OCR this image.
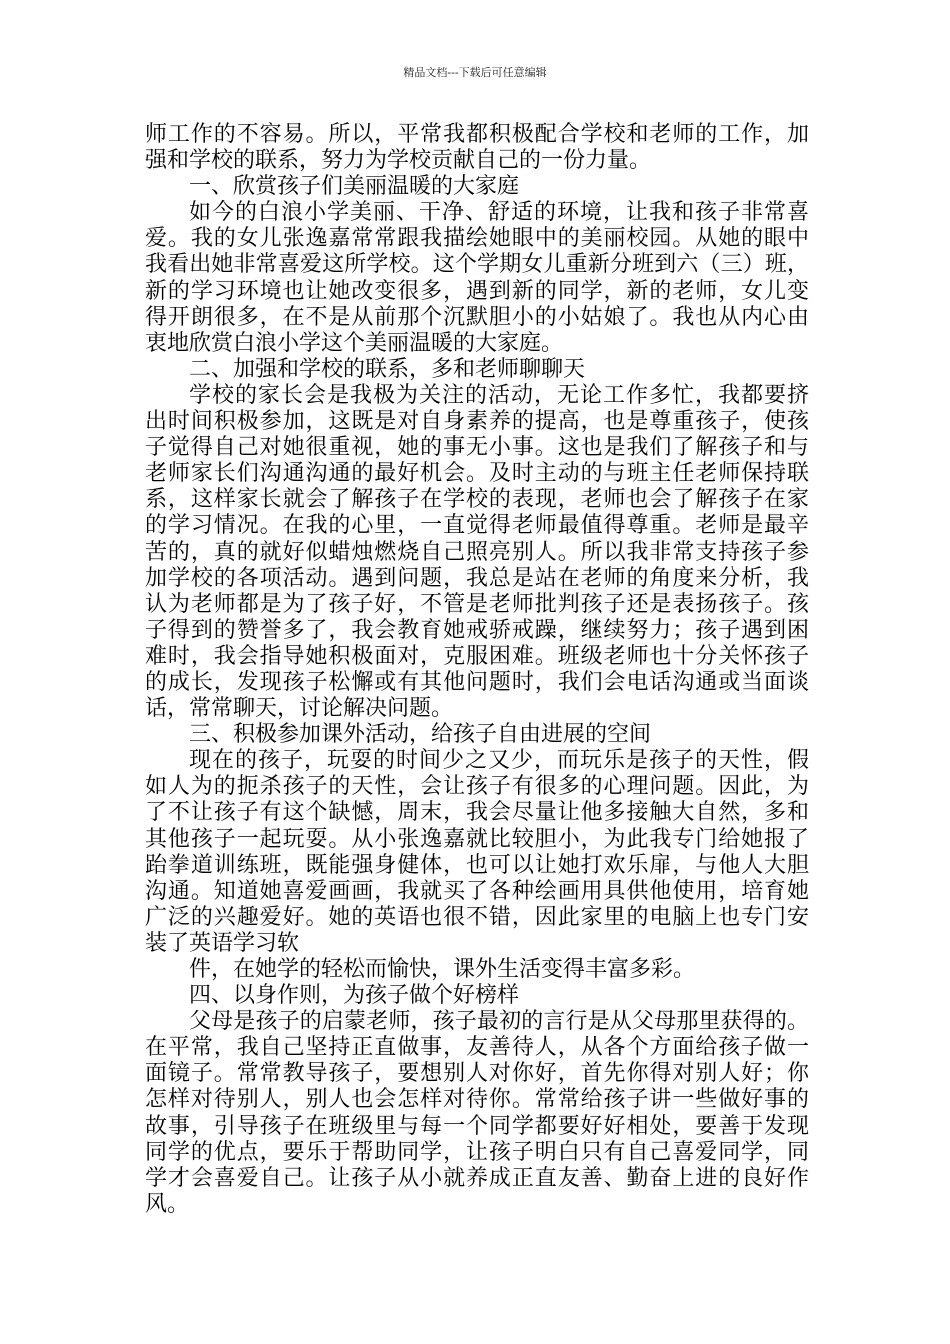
精品文档---下载后可任意编辑
师工作的不容易。所以，平常我都积极配合学校和老师的工作，加
强和学校的联系，努力为学校贡献自己的一份力量。
一、欣赏孩子们美丽温暖的大家庭
如今的白浪小学美丽、干净、舒适的环境，让我和孩子非常喜
爱。我的女儿张逸嘉常常跟我描绘她眼中的美丽校园。从她的眼中
我看出她非常喜爱这所学校。这个学期女儿重新分班到六（三）班，
新的学习环境也让她改变很多，遇到新的同学，新的老师，女儿变
得开朗很多，在不是从前那个沉默胆小的小姑娘了。我也从内心由
衷地欣赏白浪小学这个美丽温暖的大家庭。
二、加强和学校的联系，多和老师聊聊天
学校的家长会是我极为关注的活动，无论工作多忙，我都要挤
出时间积极参加，这既是对自身素养的提高，也是尊重孩子，使孩
子觉得自己对她很重视，她的事无小事。这也是我们了解孩子和与
老师家长们沟通沟通的最好机会。及时主动的与班主任老师保持联
系，这样家长就会了解孩子在学校的表现，老师也会了解孩子在家
的学习情况。在我的心里，一直觉得老师最值得尊重。老师是最辛
苦的，真的就好似蜡烛燃烧自己照亮别人。所以我非常支持孩子参
加学校的各项活动。遇到问题，我总是站在老师的角度来分析，我
认为老师都是为了孩子好，不管是老师批判孩子还是表扬孩子。孩
子得到的赞誉多了，我会教育她戒骄戒躁，继续努力；孩子遇到困
难时，我会指导她积极面对，克服困难。班级老师也十分关怀孩子
的成长，发现孩子松懈或有其他问题时，我们会电话沟通或当面谈
话，常常聊天，讨论解决问题。
三、积极参加课外活动，给孩子自由进展的空间
现在的孩子，玩耍的时间少之又少，而玩乐是孩子的天性，假
如人为的扼杀孩子的天性，会让孩子有很多的心理问题。因此，为
了不让孩子有这个缺憾，周末，我会尽量让他多接触大自然，多和
其他孩子一起玩耍。从小张逸嘉就比较胆小，为此我专门给她报了
跆拳道训练班，既能强身健体，也可以让她打欢乐扉，与他人大胆
沟通。知道她喜爱画画，我就买了各种绘画用具供他使用，培育她
广泛的兴趣爱好。她的英语也很不错，因此家里的电脑上也专门安
装了英语学习软
件，在她学的轻松而愉快，课外生活变得丰富多彩。
四、以身作则，为孩子做个好榜样
父母是孩子的启蒙老师，孩子最初的言行是从父母那里获得的。
在平常，我自己坚持正直做事，友善待人，从各个方面给孩子做一
面镜子。常常教导孩子，要想别人对你好，首先你得对别人好；你
怎样对待别人，别人也会怎样对待你。常常给孩子讲一些做好事的
故事，引导孩子在班级里与每一个同学都要好好相处，要善于发现
同学的优点，要乐于帮助同学，让孩子明白只有自己喜爱同学，同
学才会喜爱自己。让孩子从小就养成正直友善、勤奋上进的良好作
风。
